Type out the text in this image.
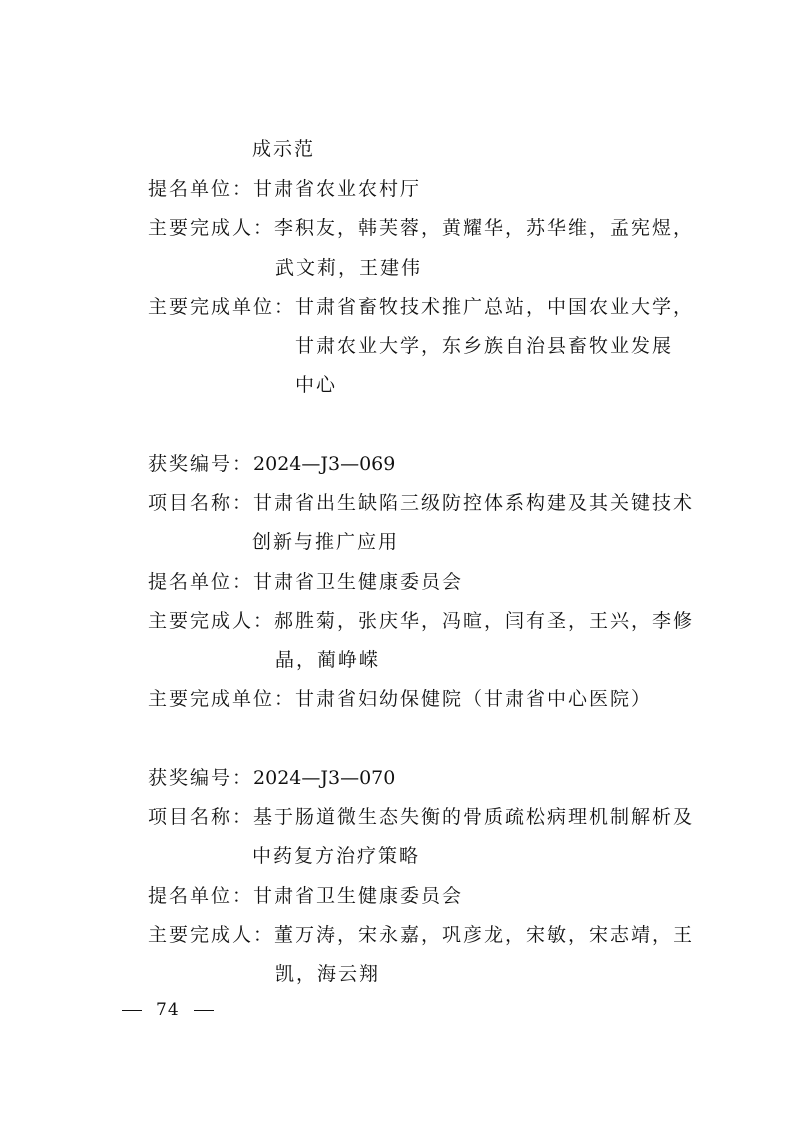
成示范
提名单位：甘肃省农业农村厅
主要完成人：李积友，韩芙蓉，黄耀华，苏华维，孟宪煜，
武文莉，王建伟
主要完成单位：甘肃省畜牧技术推广总站，中国农业大学，
甘肃农业大学，东乡族自治县畜牧业发展
中心
获奖编号：2024—J3—069
项目名称：甘肃省出生缺陷三级防控体系构建及其关键技术
创新与推广应用
提名单位：甘肃省卫生健康委员会
主要完成人：郝胜菊，张庆华，冯暄，闫有圣，王兴，李修
晶，蔺峥嵘
主要完成单位：甘肃省妇幼保健院（甘肃省中心医院）
获奖编号：2024—J3—070
项目名称：基于肠道微生态失衡的骨质疏松病理机制解析及
中药复方治疗策略
提名单位：甘肃省卫生健康委员会
主要完成人：董万涛，宋永嘉，巩彦龙，宋敏，宋志靖，王
凯，海云翔
74
